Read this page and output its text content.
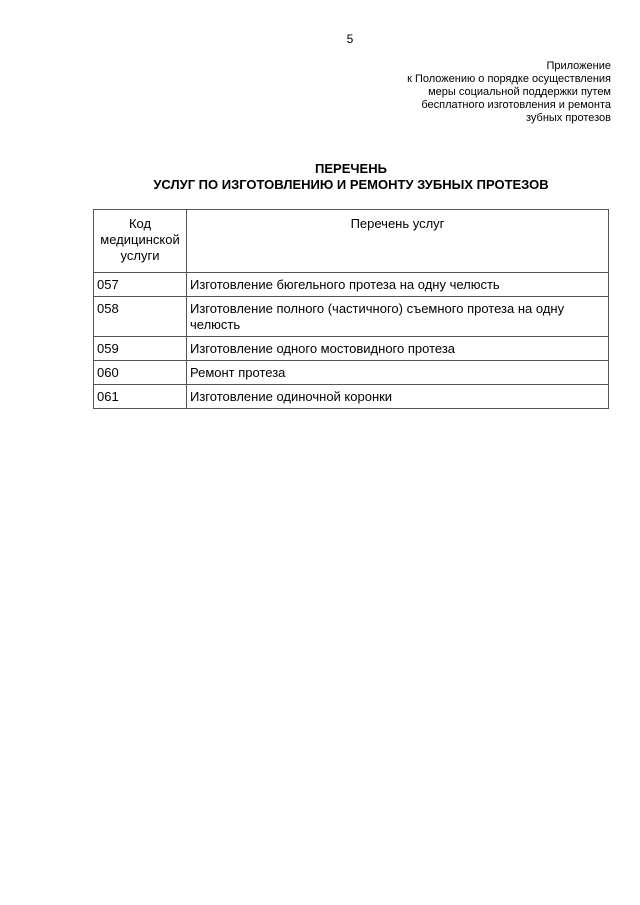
5
Приложение
к Положению о порядке осуществления
меры социальной поддержки путем
бесплатного изготовления и ремонта
зубных протезов
ПЕРЕЧЕНЬ
УСЛУГ ПО ИЗГОТОВЛЕНИЮ И РЕМОНТУ ЗУБНЫХ ПРОТЕЗОВ
Код
медицинской
услуги	Перечень услуг
057	Изготовление бюгельного протеза на одну челюсть
058	Изготовление полного (частичного) съемного протеза на одну челюсть
059	Изготовление одного мостовидного протеза
060	Ремонт протеза
061	Изготовление одиночной коронки
